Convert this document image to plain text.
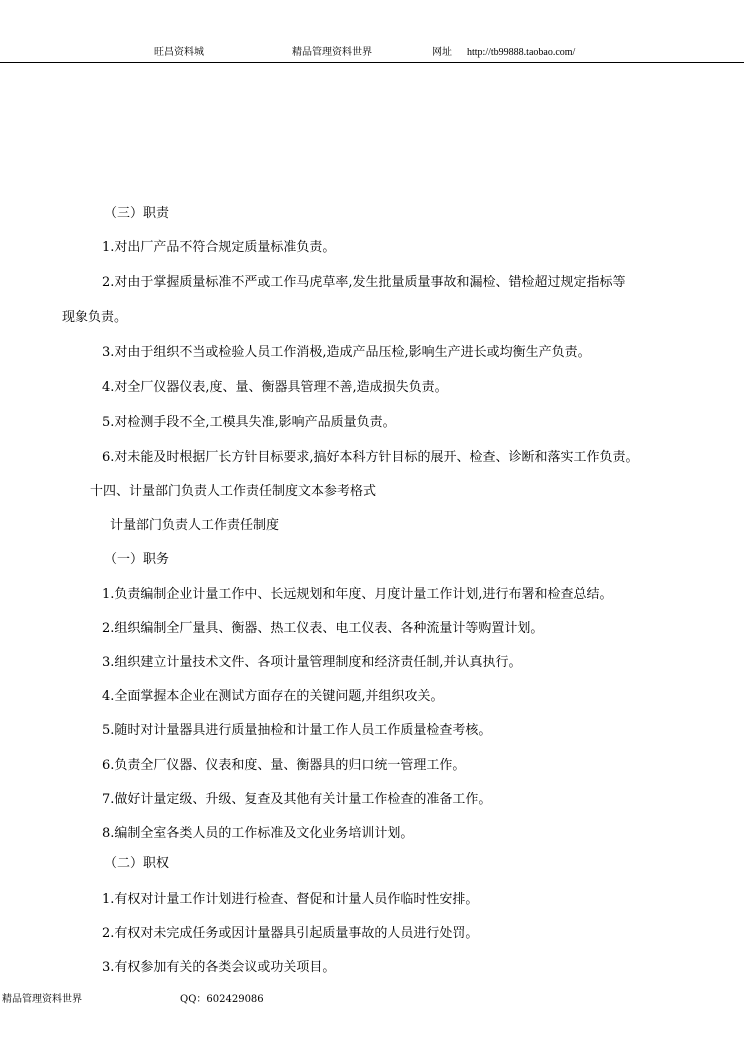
旺昌资料城	精品管理资料世界	网址 http://tb99888.taobao.com/
（三）职责
1.对出厂产品不符合规定质量标准负责。
2.对由于掌握质量标准不严或工作马虎草率,发生批量质量事故和漏检、错检超过规定指标等
现象负责。
3.对由于组织不当或检验人员工作消极,造成产品压检,影响生产进长或均衡生产负责。
4.对全厂仪器仪表,度、量、衡器具管理不善,造成损失负责。
5.对检测手段不全,工模具失准,影响产品质量负责。
6.对未能及时根据厂长方针目标要求,搞好本科方针目标的展开、检查、诊断和落实工作负责。
十四、计量部门负责人工作责任制度文本参考格式
计量部门负责人工作责任制度
（一）职务
1.负责编制企业计量工作中、长远规划和年度、月度计量工作计划,进行布署和检查总结。
2.组织编制全厂量具、衡器、热工仪表、电工仪表、各种流量计等购置计划。
3.组织建立计量技术文件、各项计量管理制度和经济责任制,并认真执行。
4.全面掌握本企业在测试方面存在的关键问题,并组织攻关。
5.随时对计量器具进行质量抽检和计量工作人员工作质量检查考核。
6.负责全厂仪器、仪表和度、量、衡器具的归口统一管理工作。
7.做好计量定级、升级、复查及其他有关计量工作检查的准备工作。
8.编制全室各类人员的工作标准及文化业务培训计划。
（二）职权
1.有权对计量工作计划进行检查、督促和计量人员作临时性安排。
2.有权对未完成任务或因计量器具引起质量事故的人员进行处罚。
3.有权参加有关的各类会议或功关项目。
精品管理资料世界	QQ：602429086
